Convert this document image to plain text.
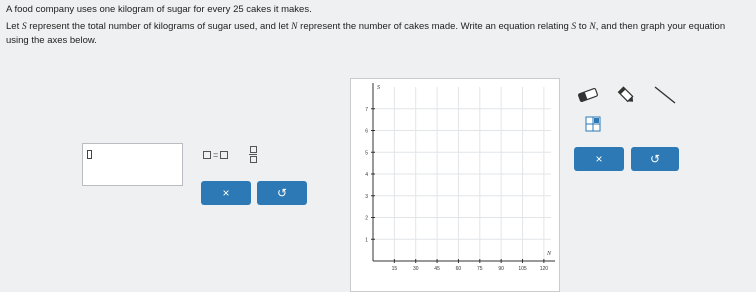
A food company uses one kilogram of sugar for every 25 cakes it makes.

Let S represent the total number of kilograms of sugar used, and let N represent the number of cakes made. Write an equation relating S to N, and then graph your equation using the axes below.

=
×	↺
15	30	45	60	75	90	105	120
1
2
3
4
5
6
7
S
N
×	↺
